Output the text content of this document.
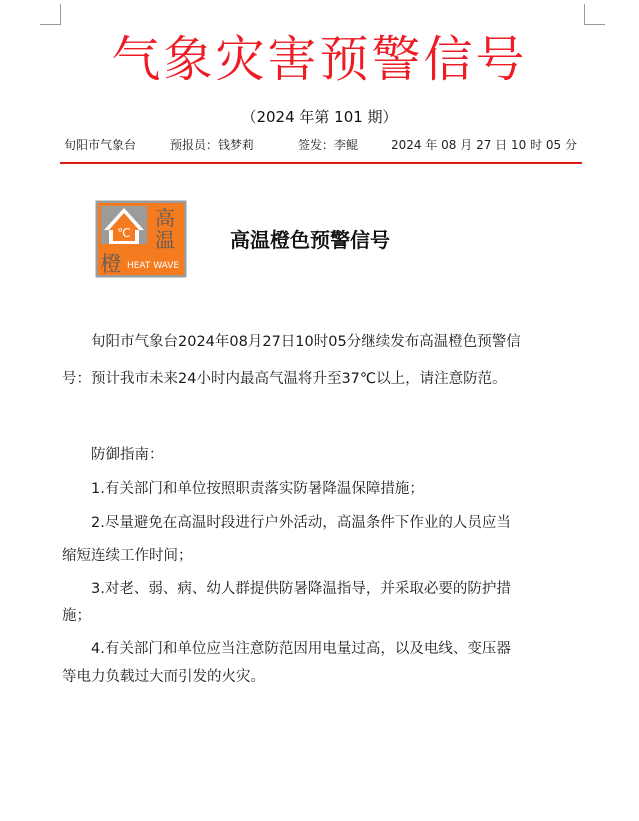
气象灾害预警信号
（2024 年第 101 期）
旬阳市气象台	预报员：钱梦莉	签发：李鲲	2024 年 08 月 27 日 10 时 05 分
℃
高
温
橙 HEAT WAVE
高温橙色预警信号
旬阳市气象台2024年08月27日10时05分继续发布高温橙色预警信
号：预计我市未来24小时内最高气温将升至37℃以上，请注意防范。
防御指南：
1.有关部门和单位按照职责落实防暑降温保障措施；
2.尽量避免在高温时段进行户外活动，高温条件下作业的人员应当
缩短连续工作时间；
3.对老、弱、病、幼人群提供防暑降温指导，并采取必要的防护措
施；
4.有关部门和单位应当注意防范因用电量过高，以及电线、变压器
等电力负载过大而引发的火灾。
